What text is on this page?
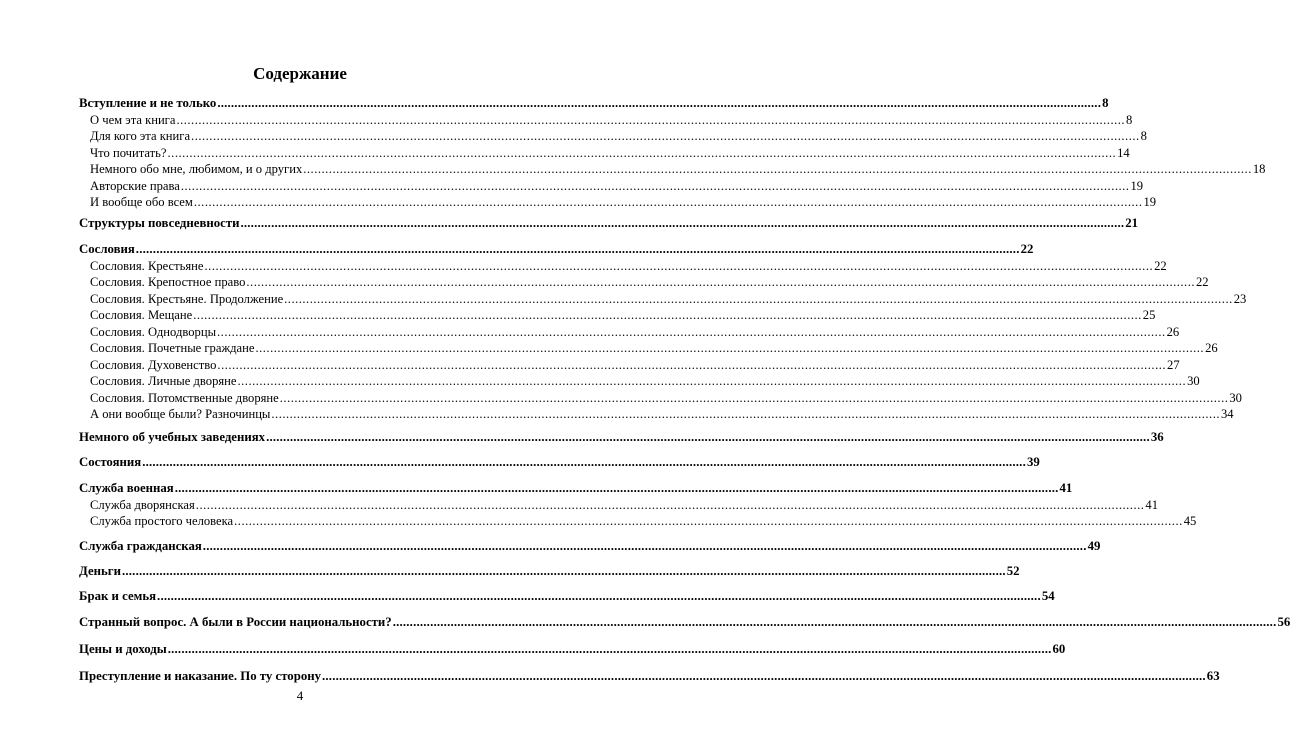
Содержание
Вступление и не только .................................................................................................................................................................................................................................................................... 8
О чем эта книга .................................................................................................................................................................................................................................................................... 8
Для кого эта книга .................................................................................................................................................................................................................................................................... 8
Что почитать? .................................................................................................................................................................................................................................................................... 14
Немного обо мне, любимом, и о других .................................................................................................................................................................................................................................................................... 18
Авторские права .................................................................................................................................................................................................................................................................... 19
И вообще обо всем .................................................................................................................................................................................................................................................................... 19
Структуры повседневности .................................................................................................................................................................................................................................................................... 21
Сословия .................................................................................................................................................................................................................................................................... 22
Сословия. Крестьяне .................................................................................................................................................................................................................................................................... 22
Сословия. Крепостное право .................................................................................................................................................................................................................................................................... 22
Сословия. Крестьяне. Продолжение .................................................................................................................................................................................................................................................................... 23
Сословия. Мещане .................................................................................................................................................................................................................................................................... 25
Сословия. Однодворцы .................................................................................................................................................................................................................................................................... 26
Сословия. Почетные граждане .................................................................................................................................................................................................................................................................... 26
Сословия. Духовенство .................................................................................................................................................................................................................................................................... 27
Сословия. Личные дворяне .................................................................................................................................................................................................................................................................... 30
Сословия. Потомственные дворяне .................................................................................................................................................................................................................................................................... 30
А они вообще были? Разночинцы .................................................................................................................................................................................................................................................................... 34
Немного об учебных заведениях .................................................................................................................................................................................................................................................................... 36
Состояния .................................................................................................................................................................................................................................................................... 39
Служба военная .................................................................................................................................................................................................................................................................... 41
Служба дворянская .................................................................................................................................................................................................................................................................... 41
Служба простого человека .................................................................................................................................................................................................................................................................... 45
Служба гражданская .................................................................................................................................................................................................................................................................... 49
Деньги .................................................................................................................................................................................................................................................................... 52
Брак и семья .................................................................................................................................................................................................................................................................... 54
Странный вопрос. А были в России национальности? .................................................................................................................................................................................................................................................................... 56
Цены и доходы .................................................................................................................................................................................................................................................................... 60
Преступление и наказание. По ту сторону .................................................................................................................................................................................................................................................................... 63
4
